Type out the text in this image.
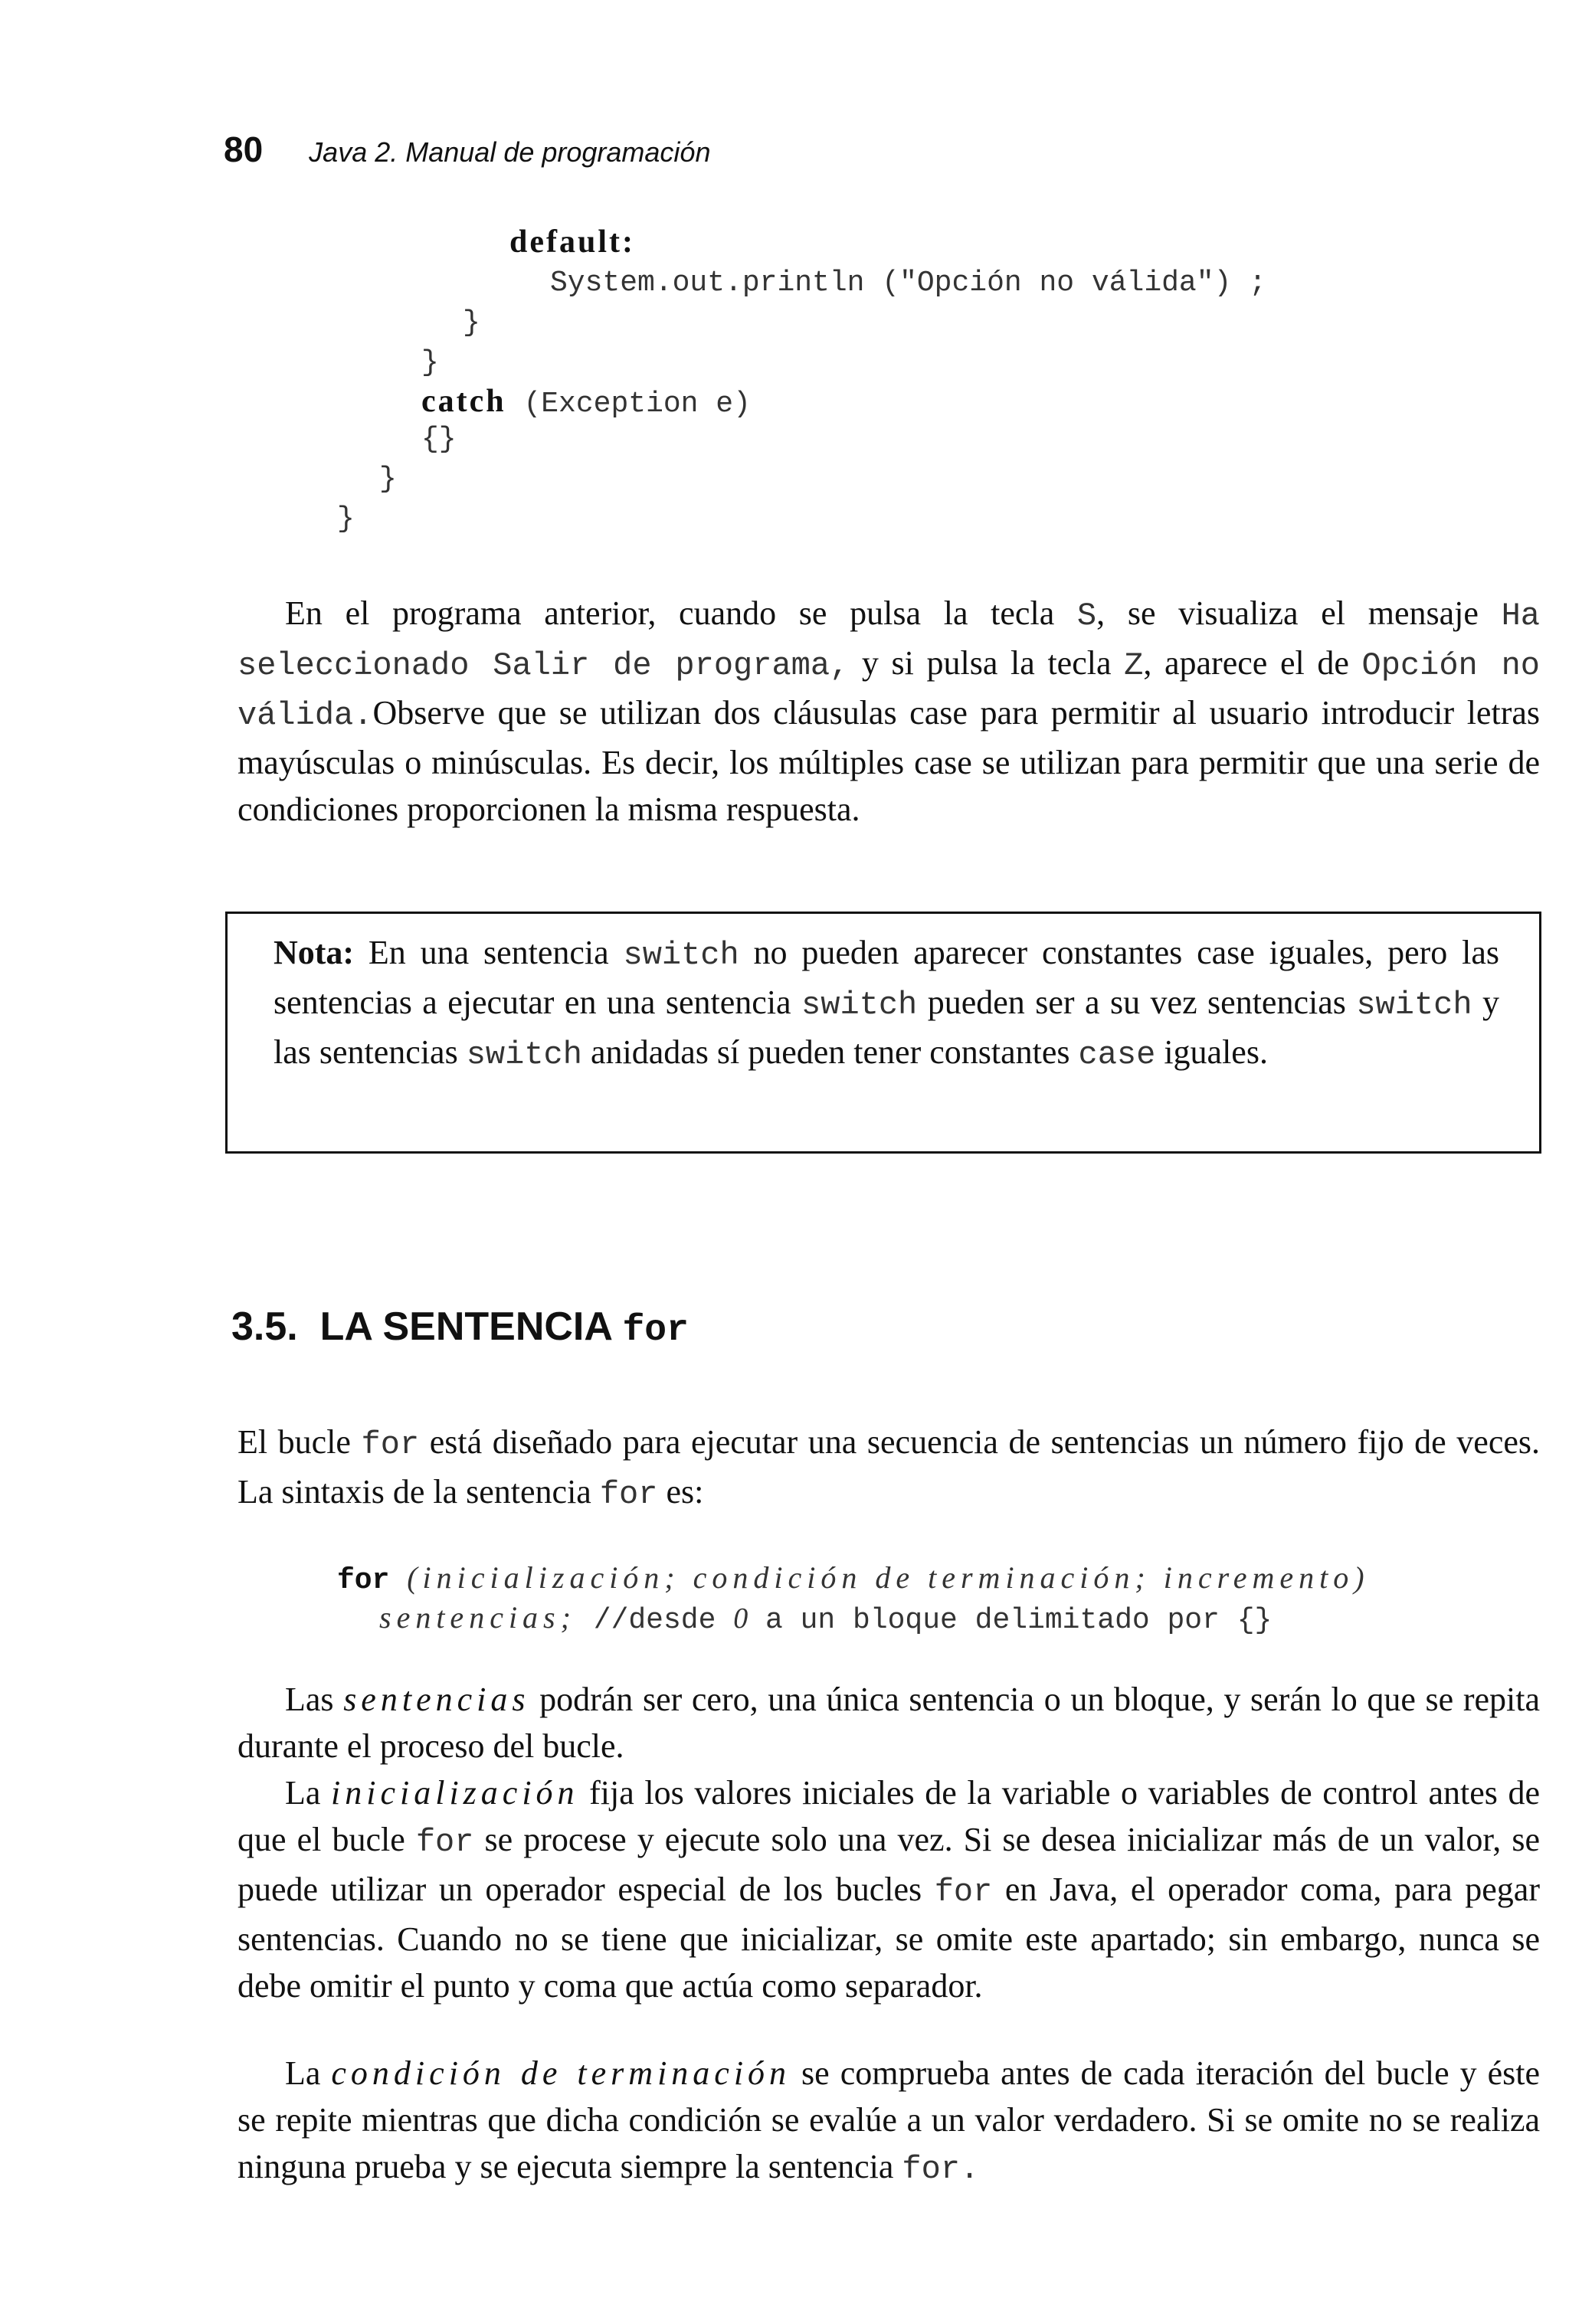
80 Java 2. Manual de programación
default:
System.out.println ("Opción no válida") ;
}
}
catch (Exception e)
{}
}
}
En el programa anterior, cuando se pulsa la tecla S, se visualiza el mensaje Ha seleccionado Salir de programa, y si pulsa la tecla Z, aparece el de Opción no válida.Observe que se utilizan dos cláusulas case para permitir al usuario introducir letras mayúsculas o minúsculas. Es decir, los múltiples case se utilizan para permitir que una serie de condiciones proporcionen la misma respuesta.
Nota: En una sentencia switch no pueden aparecer constantes case iguales, pero las sentencias a ejecutar en una sentencia switch pueden ser a su vez sentencias switch y las sentencias switch anidadas sí pueden tener constantes case iguales.
3.5.  LA SENTENCIA for
El bucle for está diseñado para ejecutar una secuencia de sentencias un número fijo de veces. La sintaxis de la sentencia for es:
for (inicialización; condición de terminación; incremento)
sentencias; //desde 0 a un bloque delimitado por {}
Las sentencias podrán ser cero, una única sentencia o un bloque, y serán lo que se repita durante el proceso del bucle.
La inicialización fija los valores iniciales de la variable o variables de control antes de que el bucle for se procese y ejecute solo una vez. Si se desea inicializar más de un valor, se puede utilizar un operador especial de los bucles for en Java, el operador coma, para pegar sentencias. Cuando no se tiene que inicializar, se omite este apartado; sin embargo, nunca se debe omitir el punto y coma que actúa como separador.
La condición de terminación se comprueba antes de cada iteración del bucle y éste se repite mientras que dicha condición se evalúe a un valor verdadero. Si se omite no se realiza ninguna prueba y se ejecuta siempre la sentencia for.
